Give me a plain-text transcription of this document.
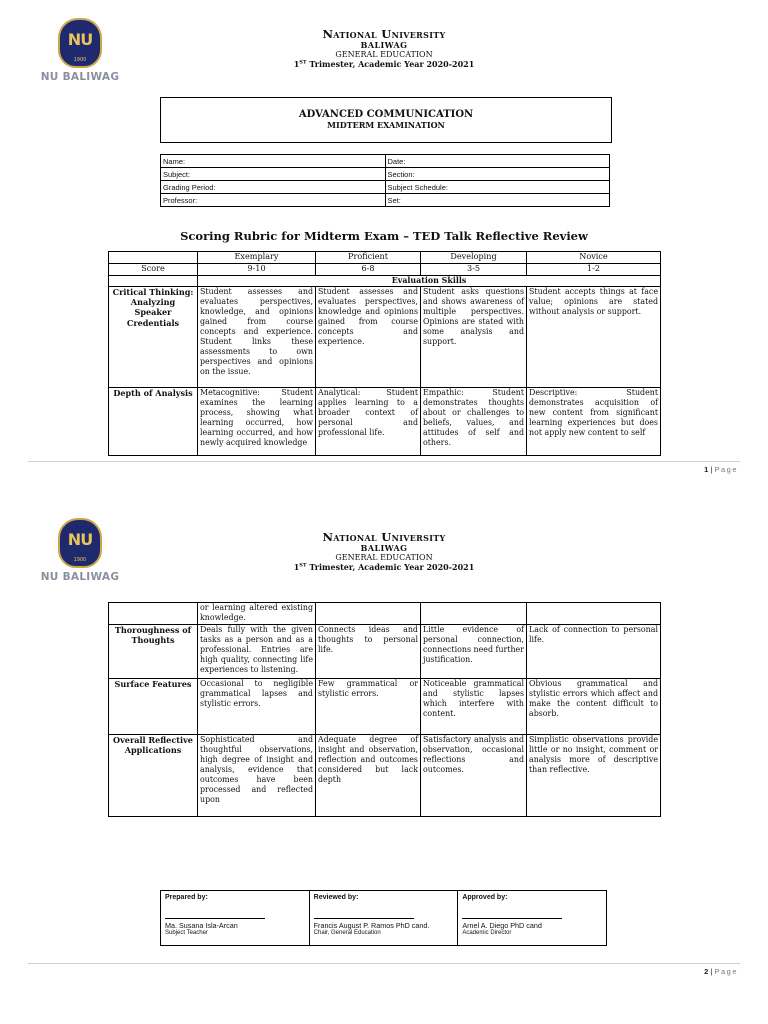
NU
1900
NU BALIWAG
National University
BALIWAG
GENERAL EDUCATION
1ST Trimester, Academic Year 2020-2021
ADVANCED COMMUNICATION
MIDTERM EXAMINATION
Name:	Date:
Subject:	Section:
Grading Period:	Subject Schedule:
Professor:	Set:
Scoring Rubric for Midterm Exam – TED Talk Reflective Review
	Exemplary	Proficient	Developing	Novice
Score	9-10	6-8	3-5	1-2
	Evaluation Skills			
Critical Thinking: Analyzing Speaker Credentials	Student assesses and evaluates perspectives, knowledge, and opinions gained from course concepts and experience. Student links these assessments to own perspectives and opinions on the issue.	Student assesses and evaluates perspectives, knowledge and opinions gained from course concepts and experience.	Student asks questions and shows awareness of multiple perspectives. Opinions are stated with some analysis and support.	Student accepts things at face value; opinions are stated without analysis or support.
Depth of Analysis	Metacognitive: Student examines the learning process, showing what learning occurred, how learning occurred, and how newly acquired knowledge	Analytical: Student applies learning to a broader context of personal and professional life.	Empathic: Student demonstrates thoughts about or challenges to beliefs, values, and attitudes of self and others.	Descriptive: Student demonstrates acquisition of new content from significant learning experiences but does not apply new content to self
1 | Page
NU
1900
NU BALIWAG
National University
BALIWAG
GENERAL EDUCATION
1ST Trimester, Academic Year 2020-2021
	or learning altered existing knowledge.			
Thoroughness of Thoughts	Deals fully with the given tasks as a person and as a professional. Entries are high quality, connecting life experiences to listening.	Connects ideas and thoughts to personal life.	Little evidence of personal connection, connections need further justification.	Lack of connection to personal life.
Surface Features	Occasional to negligible grammatical lapses and stylistic errors.	Few grammatical or stylistic errors.	Noticeable grammatical and stylistic lapses which interfere with content.	Obvious grammatical and stylistic errors which affect and make the content difficult to absorb.
Overall Reflective Applications	Sophisticated and thoughtful observations, high degree of insight and analysis, evidence that outcomes have been processed and reflected upon	Adequate degree of insight and observation, reflection and outcomes considered but lack depth	Satisfactory analysis and observation, occasional reflections and outcomes.	Simplistic observations provide little or no insight, comment or analysis more of descriptive than reflective.
Prepared by:
Ma. Susana Isla-Arcan
Subject Teacher

Reviewed by:
Francis August P. Ramos PhD cand.
Chair, General Education

Approved by:
Arnel A. Diego PhD cand
Academic Director
2 | Page
